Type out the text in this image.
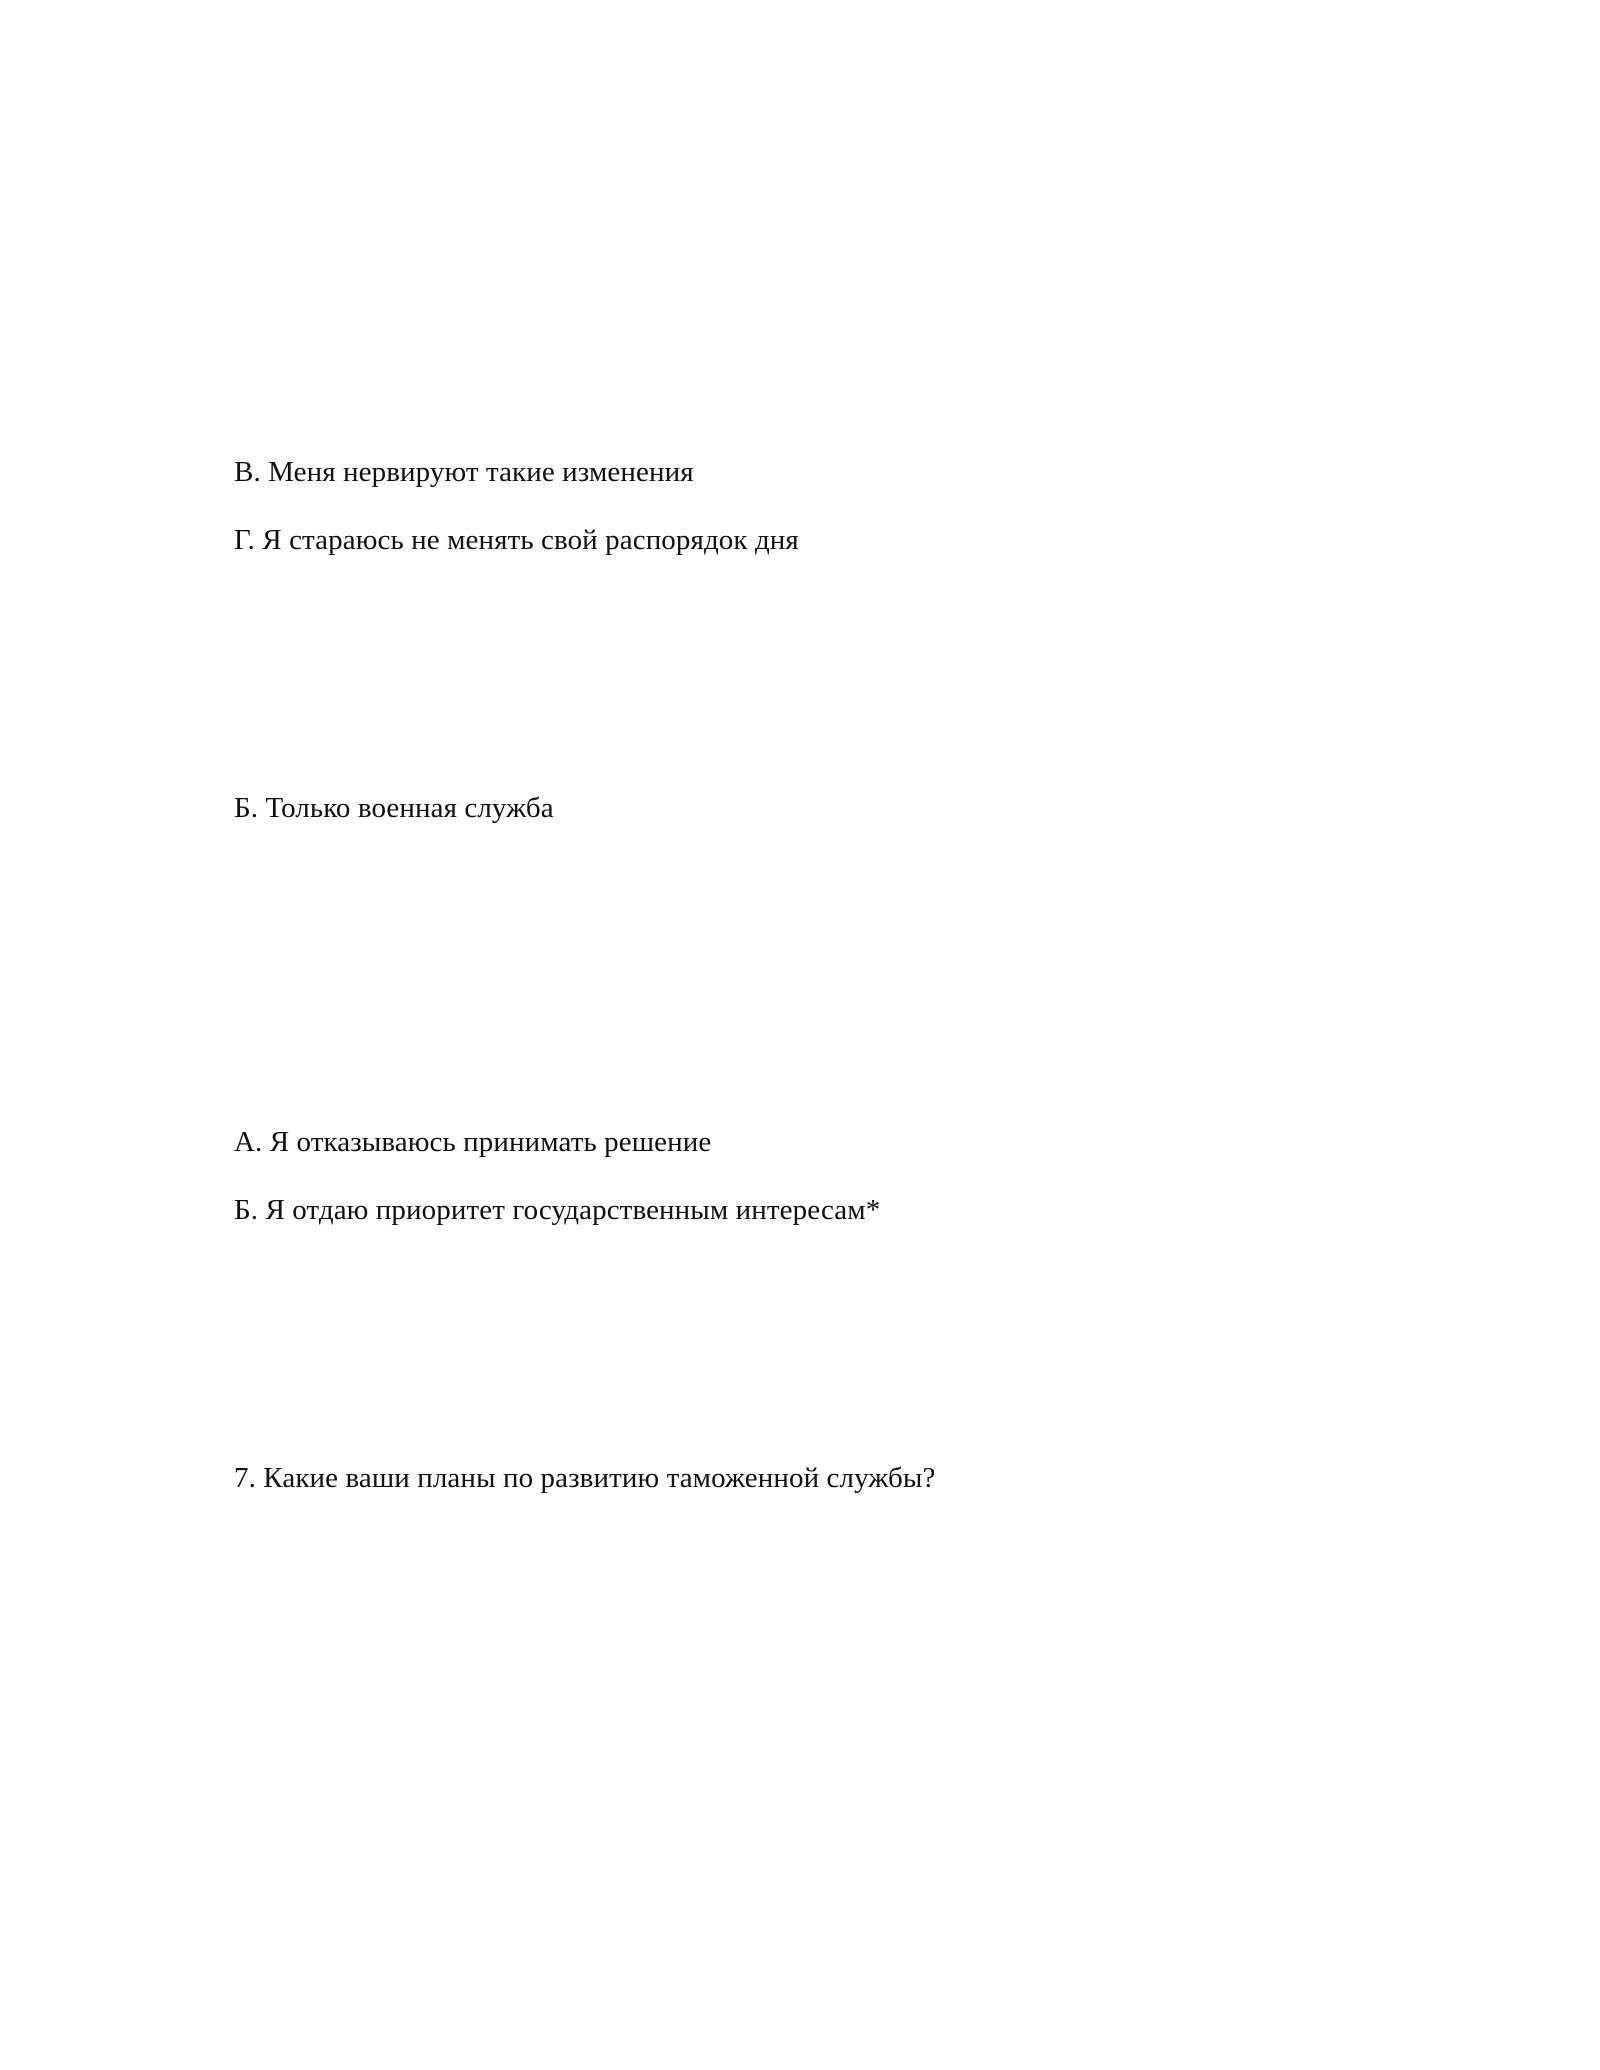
В. Меня нервируют такие изменения
Г. Я стараюсь не менять свой распорядок дня
Б. Только военная служба
А. Я отказываюсь принимать решение
Б. Я отдаю приоритет государственным интересам*
7. Какие ваши планы по развитию таможенной службы?
